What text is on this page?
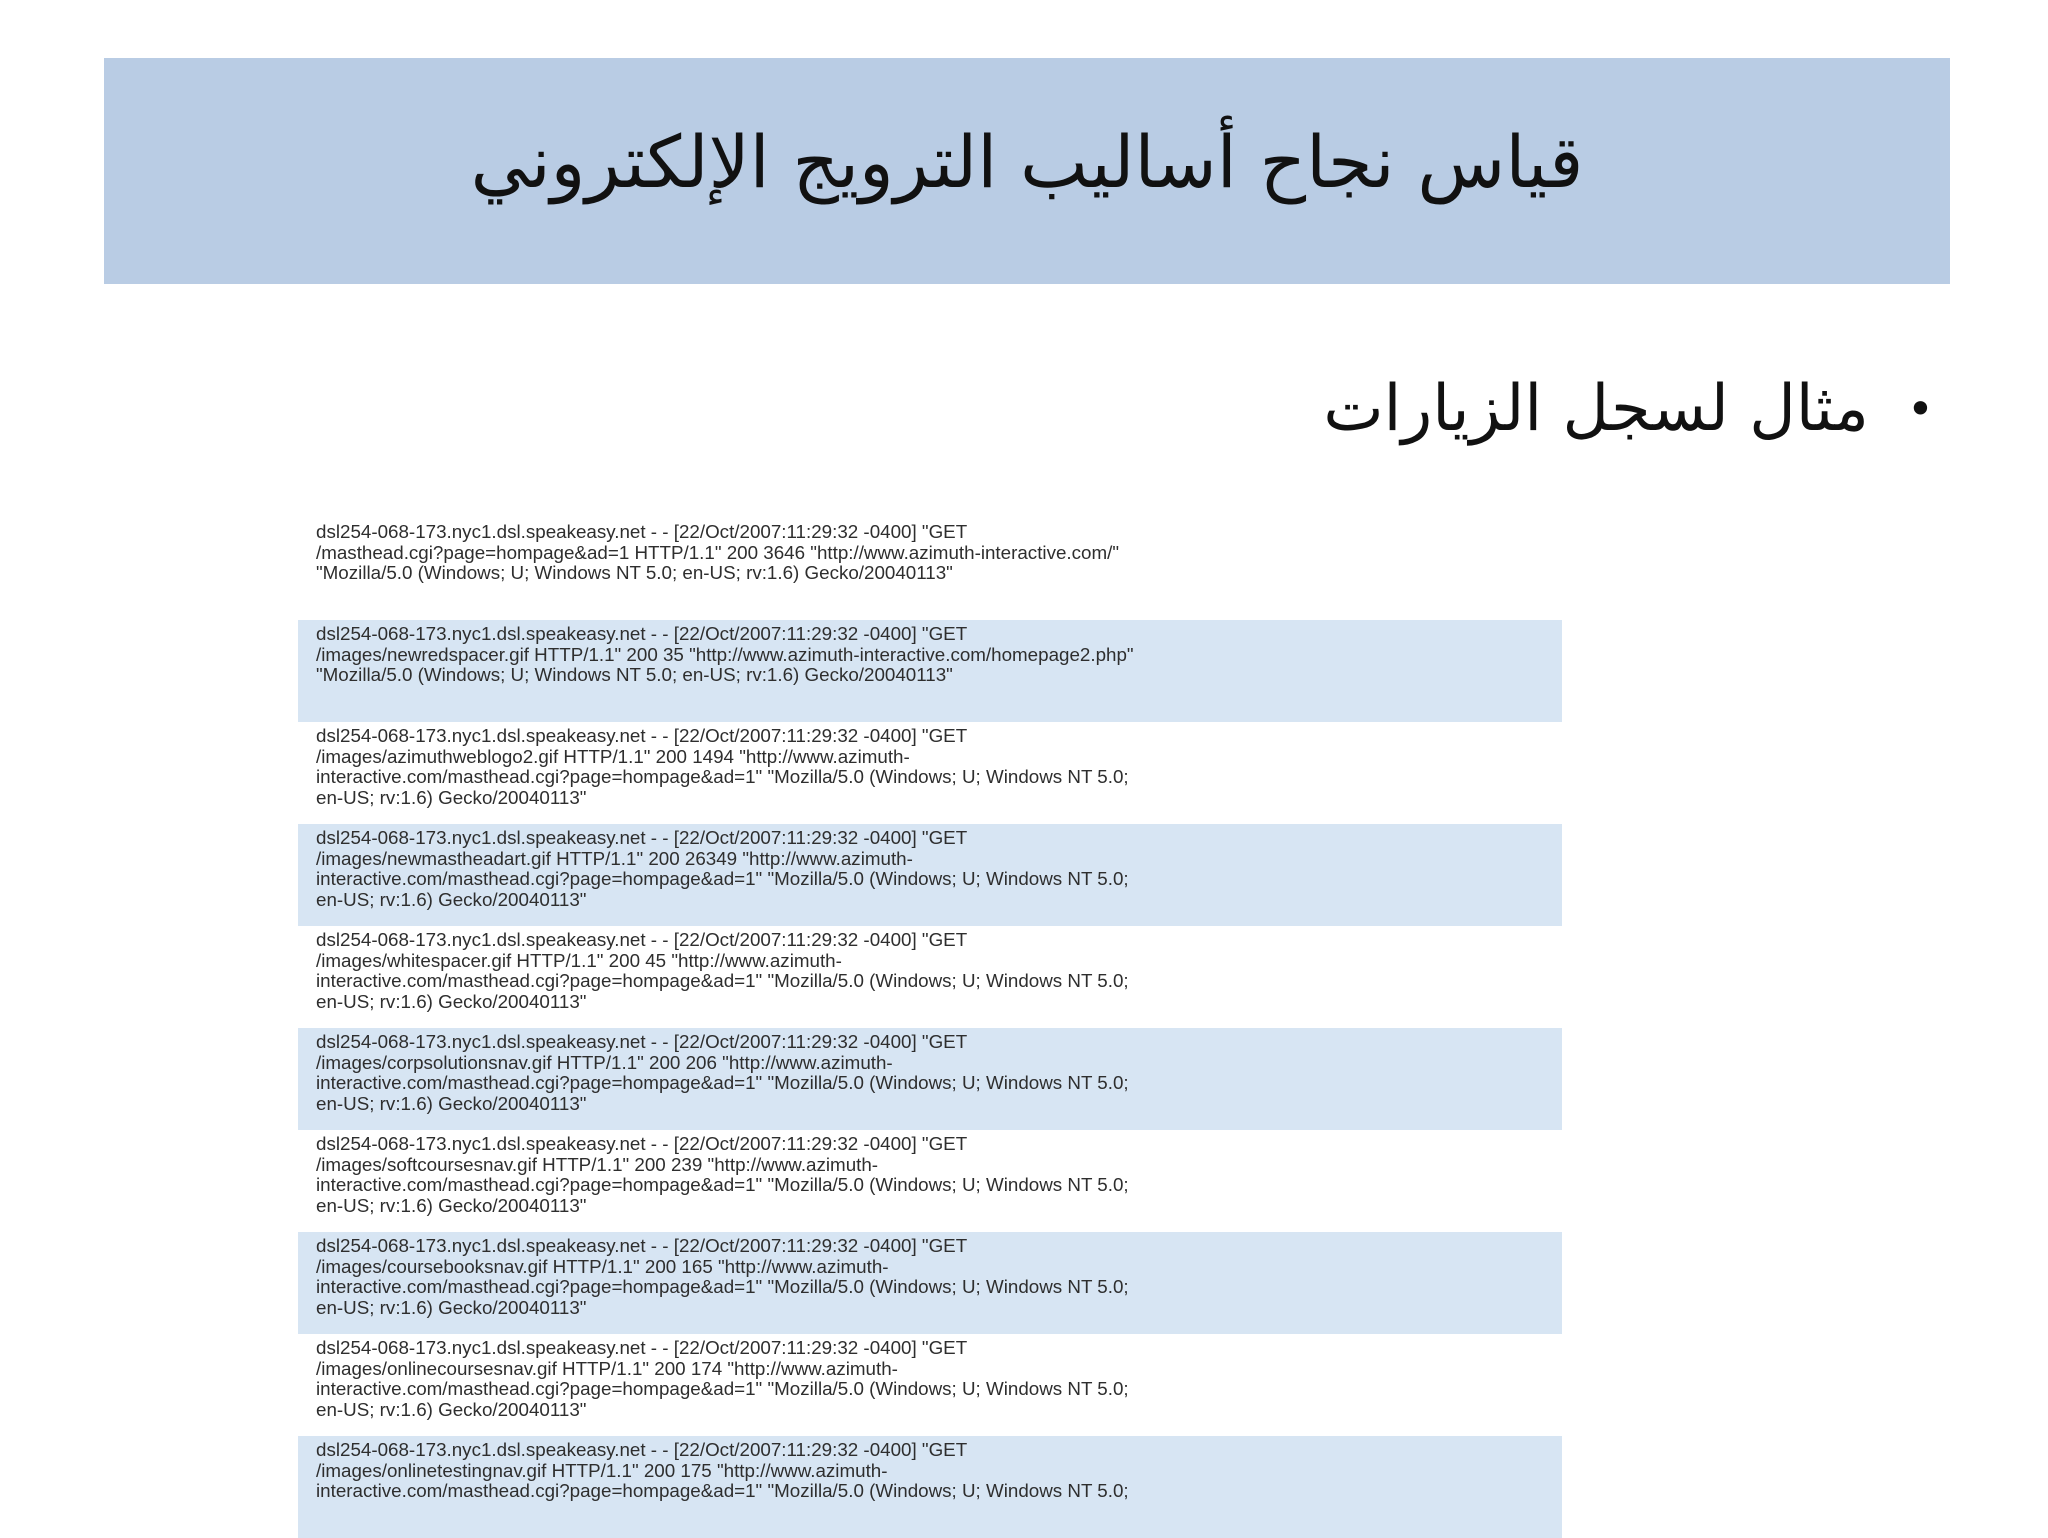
قياس نجاح أساليب الترويج الإلكتروني
•
مثال لسجل الزيارات
dsl254-068-173.nyc1.dsl.speakeasy.net - - [22/Oct/2007:11:29:32 -0400] "GET
/masthead.cgi?page=hompage&ad=1 HTTP/1.1" 200 3646 "http://www.azimuth-interactive.com/"
"Mozilla/5.0 (Windows; U; Windows NT 5.0; en-US; rv:1.6) Gecko/20040113"
dsl254-068-173.nyc1.dsl.speakeasy.net - - [22/Oct/2007:11:29:32 -0400] "GET
/images/newredspacer.gif HTTP/1.1" 200 35 "http://www.azimuth-interactive.com/homepage2.php"
"Mozilla/5.0 (Windows; U; Windows NT 5.0; en-US; rv:1.6) Gecko/20040113"
dsl254-068-173.nyc1.dsl.speakeasy.net - - [22/Oct/2007:11:29:32 -0400] "GET
/images/azimuthweblogo2.gif HTTP/1.1" 200 1494 "http://www.azimuth-
interactive.com/masthead.cgi?page=hompage&ad=1" "Mozilla/5.0 (Windows; U; Windows NT 5.0;
en-US; rv:1.6) Gecko/20040113"
dsl254-068-173.nyc1.dsl.speakeasy.net - - [22/Oct/2007:11:29:32 -0400] "GET
/images/newmastheadart.gif HTTP/1.1" 200 26349 "http://www.azimuth-
interactive.com/masthead.cgi?page=hompage&ad=1" "Mozilla/5.0 (Windows; U; Windows NT 5.0;
en-US; rv:1.6) Gecko/20040113"
dsl254-068-173.nyc1.dsl.speakeasy.net - - [22/Oct/2007:11:29:32 -0400] "GET
/images/whitespacer.gif HTTP/1.1" 200 45 "http://www.azimuth-
interactive.com/masthead.cgi?page=hompage&ad=1" "Mozilla/5.0 (Windows; U; Windows NT 5.0;
en-US; rv:1.6) Gecko/20040113"
dsl254-068-173.nyc1.dsl.speakeasy.net - - [22/Oct/2007:11:29:32 -0400] "GET
/images/corpsolutionsnav.gif HTTP/1.1" 200 206 "http://www.azimuth-
interactive.com/masthead.cgi?page=hompage&ad=1" "Mozilla/5.0 (Windows; U; Windows NT 5.0;
en-US; rv:1.6) Gecko/20040113"
dsl254-068-173.nyc1.dsl.speakeasy.net - - [22/Oct/2007:11:29:32 -0400] "GET
/images/softcoursesnav.gif HTTP/1.1" 200 239 "http://www.azimuth-
interactive.com/masthead.cgi?page=hompage&ad=1" "Mozilla/5.0 (Windows; U; Windows NT 5.0;
en-US; rv:1.6) Gecko/20040113"
dsl254-068-173.nyc1.dsl.speakeasy.net - - [22/Oct/2007:11:29:32 -0400] "GET
/images/coursebooksnav.gif HTTP/1.1" 200 165 "http://www.azimuth-
interactive.com/masthead.cgi?page=hompage&ad=1" "Mozilla/5.0 (Windows; U; Windows NT 5.0;
en-US; rv:1.6) Gecko/20040113"
dsl254-068-173.nyc1.dsl.speakeasy.net - - [22/Oct/2007:11:29:32 -0400] "GET
/images/onlinecoursesnav.gif HTTP/1.1" 200 174 "http://www.azimuth-
interactive.com/masthead.cgi?page=hompage&ad=1" "Mozilla/5.0 (Windows; U; Windows NT 5.0;
en-US; rv:1.6) Gecko/20040113"
dsl254-068-173.nyc1.dsl.speakeasy.net - - [22/Oct/2007:11:29:32 -0400] "GET
/images/onlinetestingnav.gif HTTP/1.1" 200 175 "http://www.azimuth-
interactive.com/masthead.cgi?page=hompage&ad=1" "Mozilla/5.0 (Windows; U; Windows NT 5.0;
